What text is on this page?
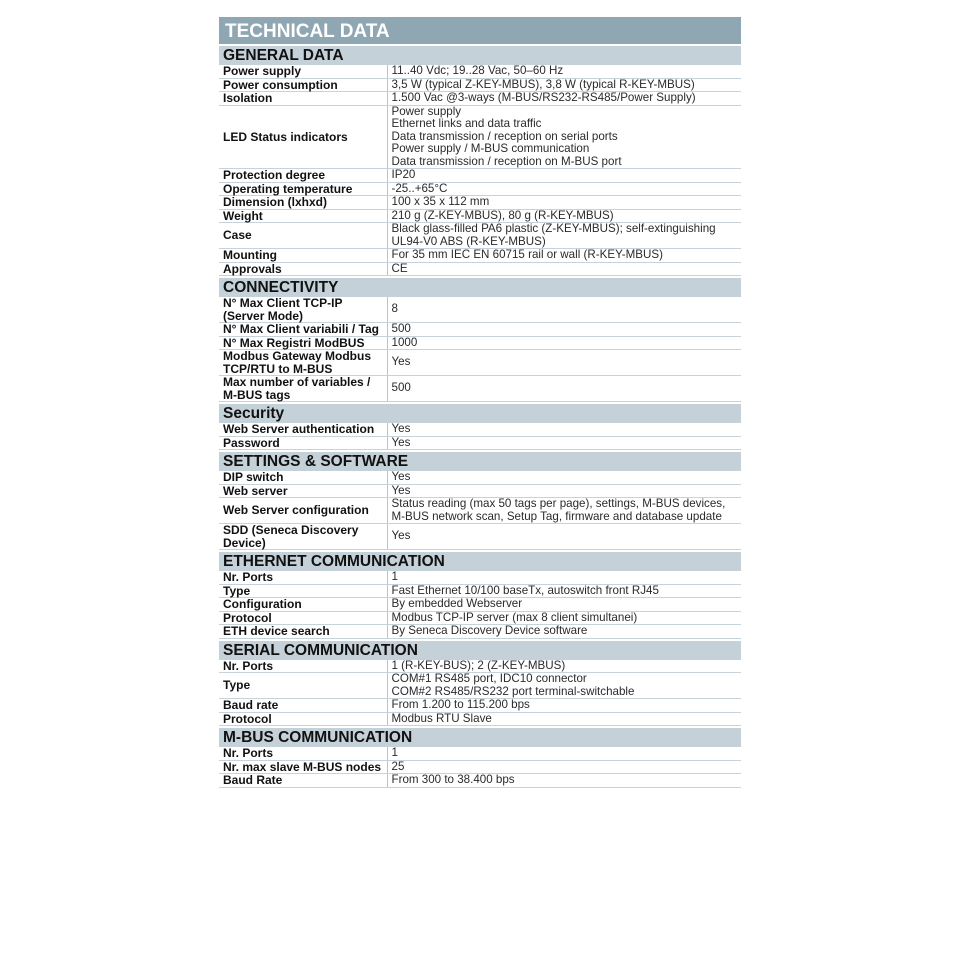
TECHNICAL DATA
GENERAL DATA
Power supply	11..40 Vdc; 19..28 Vac, 50–60 Hz
Power consumption	3,5 W (typical Z-KEY-MBUS), 3,8 W (typical R-KEY-MBUS)
Isolation	1.500 Vac @3-ways (M-BUS/RS232-RS485/Power Supply)
LED Status indicators	Power supply
Ethernet links and data traffic
Data transmission / reception on serial ports
Power supply / M-BUS communication
Data transmission / reception on M-BUS port

Protection degree	IP20
Operating temperature	-25..+65°C
Dimension (lxhxd)	100 x 35 x 112 mm
Weight	210 g (Z-KEY-MBUS), 80 g (R-KEY-MBUS)
Case	Black glass-filled PA6 plastic (Z-KEY-MBUS); self-extinguishing
UL94-V0 ABS (R-KEY-MBUS)

Mounting	For 35 mm IEC EN 60715 rail or wall (R-KEY-MBUS)
Approvals	CE
CONNECTIVITY
N° Max Client TCP-IP (Server Mode)	8
N° Max Client variabili / Tag	500
N° Max Registri ModBUS	1000
Modbus Gateway Modbus TCP/RTU to M-BUS	Yes
Max number of variables / M-BUS tags	500
Security
Web Server authentication	Yes
Password	Yes
SETTINGS & SOFTWARE
DIP switch	Yes
Web server	Yes
Web Server configuration	Status reading (max 50 tags per page), settings, M-BUS devices,
M-BUS network scan, Setup Tag, firmware and database update

SDD (Seneca Discovery Device)	Yes
ETHERNET COMMUNICATION
Nr. Ports	1
Type	Fast Ethernet 10/100 baseTx, autoswitch front RJ45
Configuration	By embedded Webserver
Protocol	Modbus TCP-IP server (max 8 client simultanei)
ETH device search	By Seneca Discovery Device software
SERIAL COMMUNICATION
Nr. Ports	1 (R-KEY-BUS); 2 (Z-KEY-MBUS)
Type	COM#1 RS485 port, IDC10 connector
COM#2 RS485/RS232 port terminal-switchable

Baud rate	From 1.200 to 115.200 bps
Protocol	Modbus RTU Slave
M-BUS COMMUNICATION
Nr. Ports	1
Nr. max slave M-BUS nodes	25
Baud Rate	From 300 to 38.400 bps
